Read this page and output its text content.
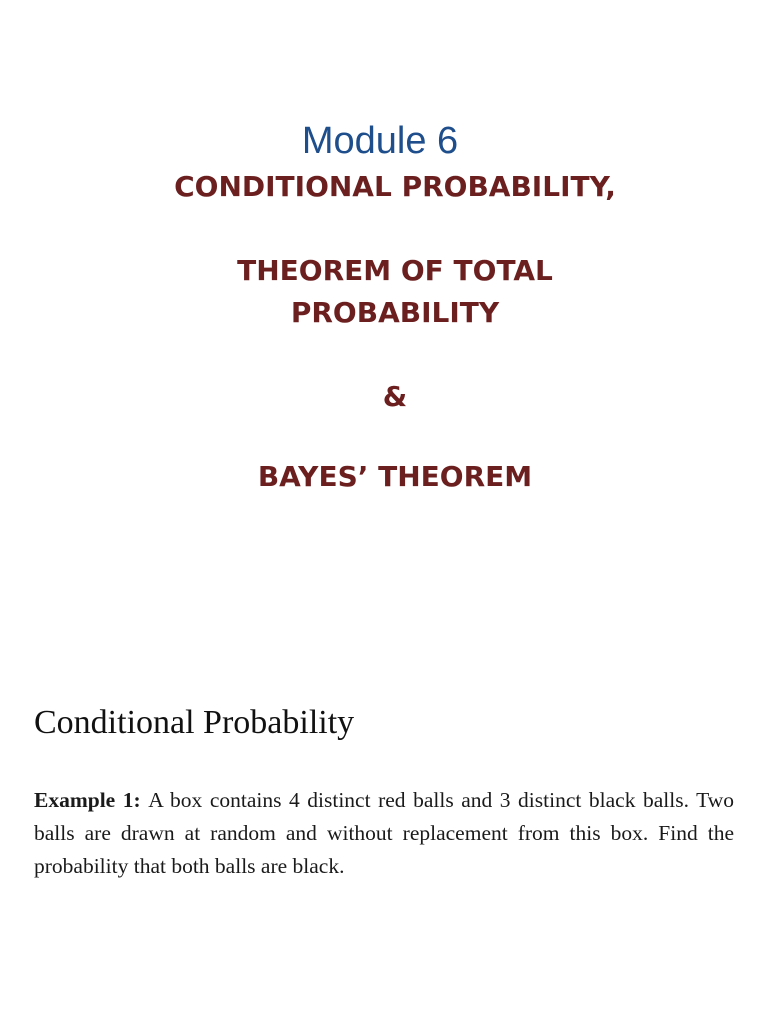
Module 6
CONDITIONAL PROBABILITY,
THEOREM OF TOTAL
PROBABILITY
&
BAYES’ THEOREM
Conditional Probability
Example 1: A box contains 4 distinct red balls and 3 distinct black balls. Two balls are drawn at random and without replacement from this box. Find the probability that both balls are black.
